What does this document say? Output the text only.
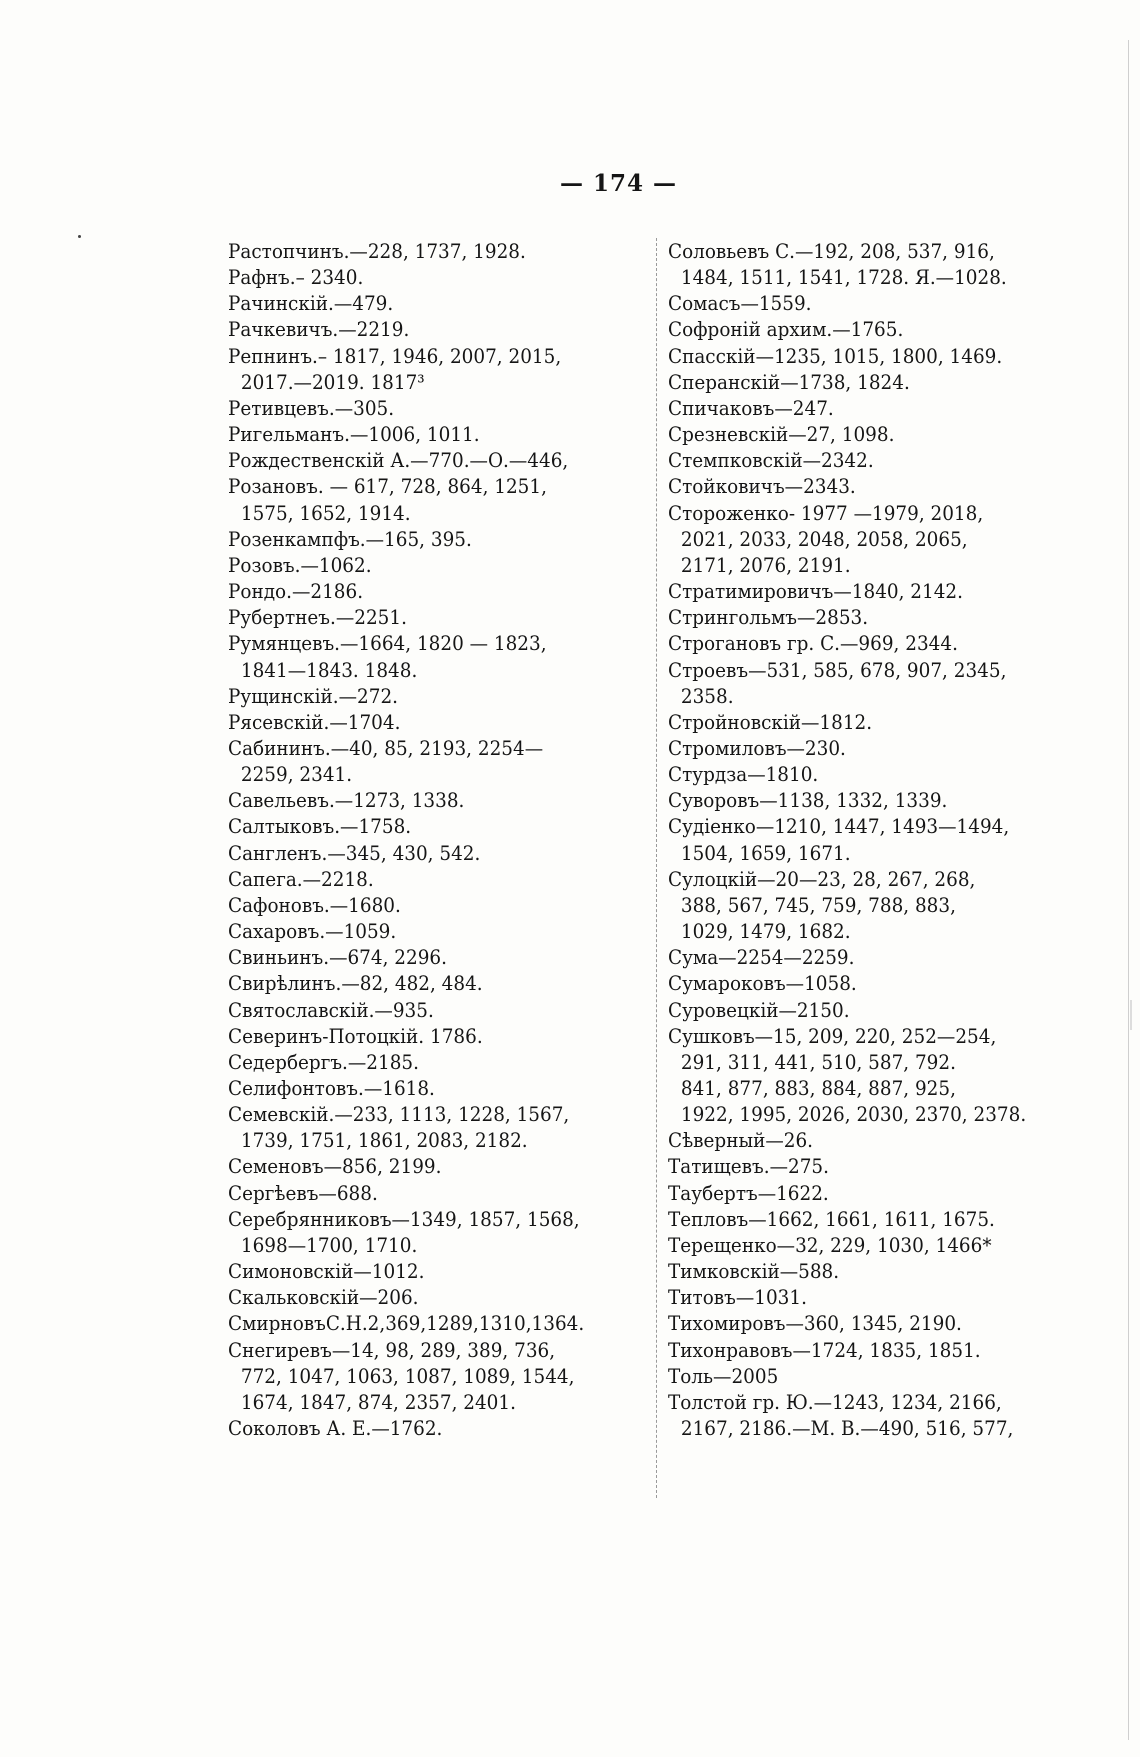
— 174 —
Растопчинъ.—228, 1737, 1928.
Рафнъ.– 2340.
Рачинскій.—479.
Рачкевичъ.—2219.
Репнинъ.– 1817, 1946, 2007, 2015,
2017.—2019. 1817³
Ретивцевъ.—305.
Ригельманъ.—1006, 1011.
Рождественскій А.—770.—О.—446,
Розановъ. — 617, 728, 864, 1251,
1575, 1652, 1914.
Розенкампфъ.—165, 395.
Розовъ.—1062.
Рондо.—2186.
Рубертнеъ.—2251.
Румянцевъ.—1664, 1820 — 1823,
1841—1843. 1848.
Рущинскій.—272.
Рясевскій.—1704.
Сабининъ.—40, 85, 2193, 2254—
2259, 2341.
Савельевъ.—1273, 1338.
Салтыковъ.—1758.
Сангленъ.—345, 430, 542.
Сапега.—2218.
Сафоновъ.—1680.
Сахаровъ.—1059.
Свиньинъ.—674, 2296.
Свирѣлинъ.—82, 482, 484.
Святославскій.—935.
Северинъ-Потоцкій. 1786.
Седербергъ.—2185.
Селифонтовъ.—1618.
Семевскій.—233, 1113, 1228, 1567,
1739, 1751, 1861, 2083, 2182.
Семеновъ—856, 2199.
Сергѣевъ—688.
Серебрянниковъ—1349, 1857, 1568,
1698—1700, 1710.
Симоновскій—1012.
Скальковскій—206.
СмирновъС.Н.2,369,1289,1310,1364.
Снегиревъ—14, 98, 289, 389, 736,
772, 1047, 1063, 1087, 1089, 1544,
1674, 1847, 874, 2357, 2401.
Соколовъ А. Е.—1762.
Соловьевъ С.—192, 208, 537, 916,
1484, 1511, 1541, 1728. Я.—1028.
Сомасъ—1559.
Софроній архим.—1765.
Спасскій—1235, 1015, 1800, 1469.
Сперанскій—1738, 1824.
Спичаковъ—247.
Срезневскій—27, 1098.
Стемпковскій—2342.
Стойковичъ—2343.
Стороженко- 1977 —1979, 2018,
2021, 2033, 2048, 2058, 2065,
2171, 2076, 2191.
Стратимировичъ—1840, 2142.
Стрингольмъ—2853.
Строгановъ гр. С.—969, 2344.
Строевъ—531, 585, 678, 907, 2345,
2358.
Стройновскій—1812.
Стромиловъ—230.
Стурдза—1810.
Суворовъ—1138, 1332, 1339.
Судіенко—1210, 1447, 1493—1494,
1504, 1659, 1671.
Сулоцкій—20—23, 28, 267, 268,
388, 567, 745, 759, 788, 883,
1029, 1479, 1682.
Сума—2254—2259.
Сумароковъ—1058.
Суровецкій—2150.
Сушковъ—15, 209, 220, 252—254,
291, 311, 441, 510, 587, 792.
841, 877, 883, 884, 887, 925,
1922, 1995, 2026, 2030, 2370, 2378.
Сѣверный—26.
Татищевъ.—275.
Таубертъ—1622.
Тепловъ—1662, 1661, 1611, 1675.
Терещенко—32, 229, 1030, 1466*
Тимковскій—588.
Титовъ—1031.
Тихомировъ—360, 1345, 2190.
Тихонравовъ—1724, 1835, 1851.
Толь—2005
Толстой гр. Ю.—1243, 1234, 2166,
2167, 2186.—М. В.—490, 516, 577,
